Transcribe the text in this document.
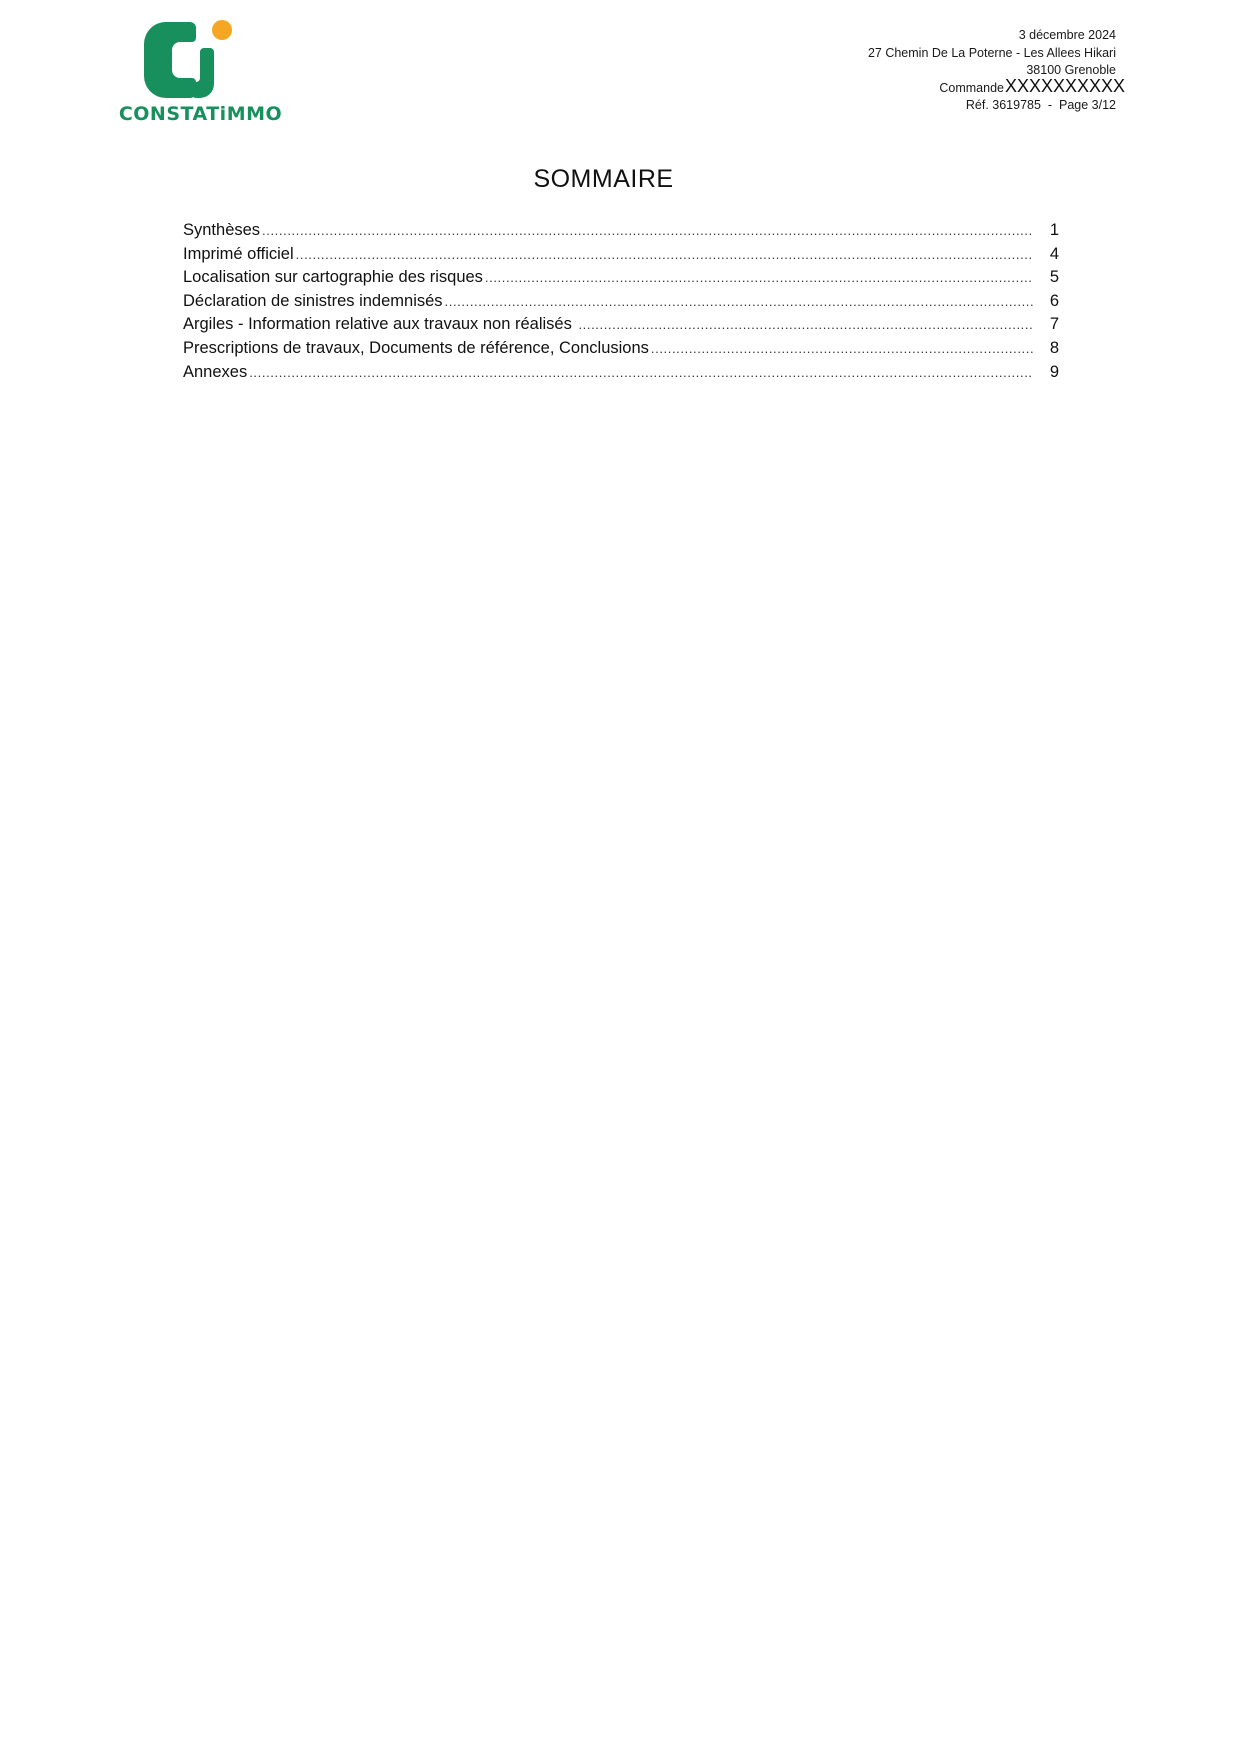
CONSTATiMMO
3 décembre 2024
27 Chemin De La Poterne - Les Allees Hikari
38100 Grenoble
Commande
Réf. 3619785  -  Page 3/12
XXXXXXXXXX
SOMMAIRE
Synthèses .....	1
Imprimé officiel .....	4
Localisation sur cartographie des risques .....	5
Déclaration de sinistres indemnisés .....	6
Argiles - Information relative aux travaux non réalisés .....	7
Prescriptions de travaux, Documents de référence, Conclusions .....	8
Annexes .....	9
